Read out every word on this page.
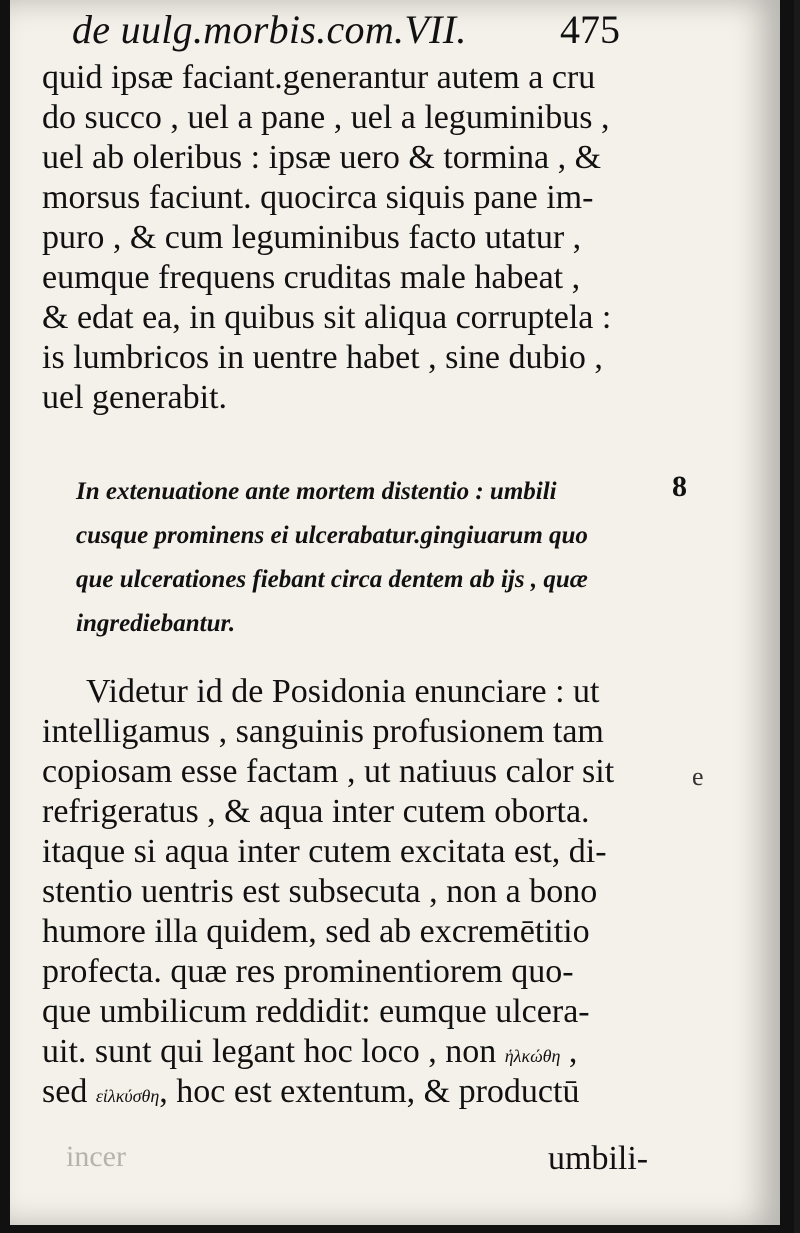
de uulg.morbis.com.VII.	475
quid ipsæ faciant.generantur autem a cru
do succo , uel a pane , uel a leguminibus ,
uel ab oleribus : ipsæ uero & tormina , &
morsus faciunt. quocirca siquis pane im-
puro , & cum leguminibus facto utatur ,
eumque frequens cruditas male habeat ,
& edat ea, in quibus sit aliqua corruptela :
is lumbricos in uentre habet , sine dubio ,
uel generabit.
8
In extenuatione ante mortem distentio : umbili
cusque prominens ei ulcerabatur.gingiuarum quo
que ulcerationes fiebant circa dentem ab ijs , quæ
ingrediebantur.
Videtur id de Posidonia enunciare : ut
intelligamus , sanguinis profusionem tam
copiosam esse factam , ut natiuus calor sit
refrigeratus , & aqua inter cutem oborta.
itaque si aqua inter cutem excitata est, di-
stentio uentris est subsecuta , non a bono
humore illa quidem, sed ab excremētitio
profecta. quæ res prominentiorem quo-
que umbilicum reddidit: eumque ulcera-
uit. sunt qui legant hoc loco , non ἡλκώθη ,
sed εἱλκύσθη, hoc est extentum, & productū
e
incer	umbili-
